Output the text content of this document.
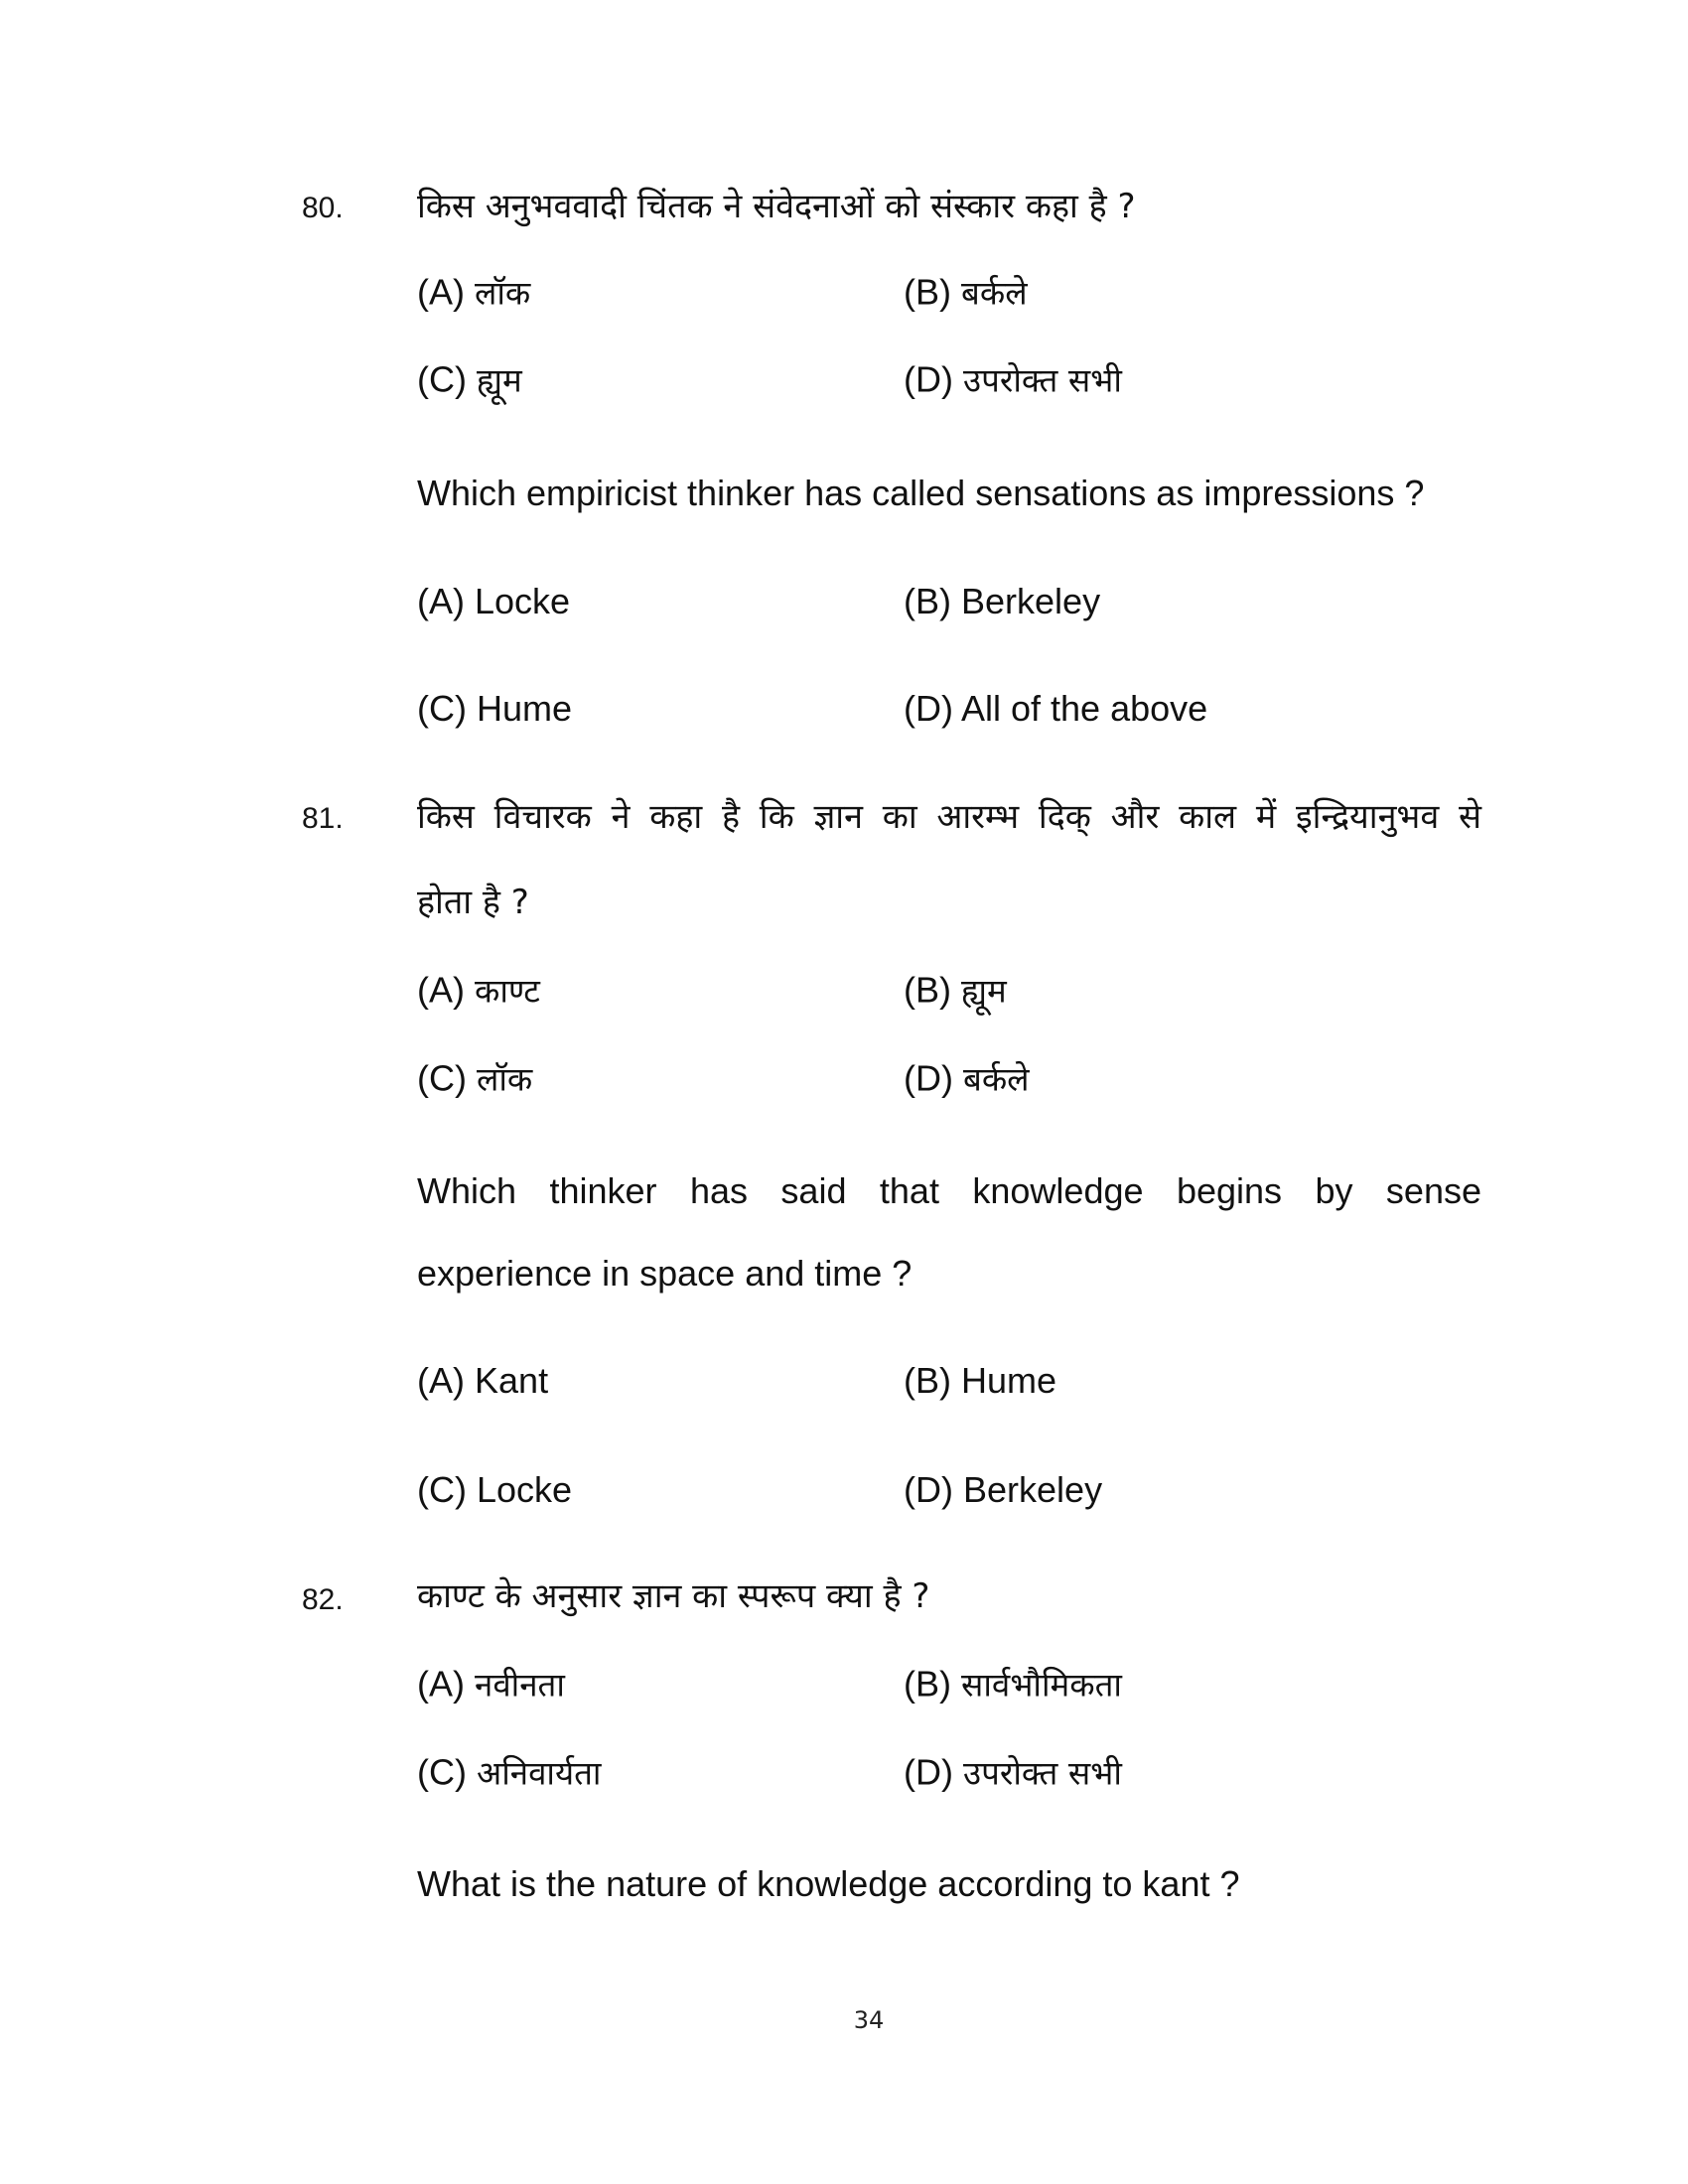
80. किस अनुभववादी चिंतक ने संवेदनाओं को संस्कार कहा है ?
(A) लॉक	(B) बर्कले
(C) ह्यूम	(D) उपरोक्त सभी
Which empiricist thinker has called sensations as impressions ?
(A) Locke	(B) Berkeley
(C) Hume	(D) All of the above
81. किस विचारक ने कहा है कि ज्ञान का आरम्भ दिक् और काल में इन्द्रियानुभव से
होता है ?
(A) काण्ट	(B) ह्यूम
(C) लॉक	(D) बर्कले
Which thinker has said that knowledge begins by sense
experience in space and time ?
(A) Kant	(B) Hume
(C) Locke	(D) Berkeley
82. काण्ट के अनुसार ज्ञान का स्परूप क्या है ?
(A) नवीनता	(B) सार्वभौमिकता
(C) अनिवार्यता	(D) उपरोक्त सभी
What is the nature of knowledge according to kant ?
34
